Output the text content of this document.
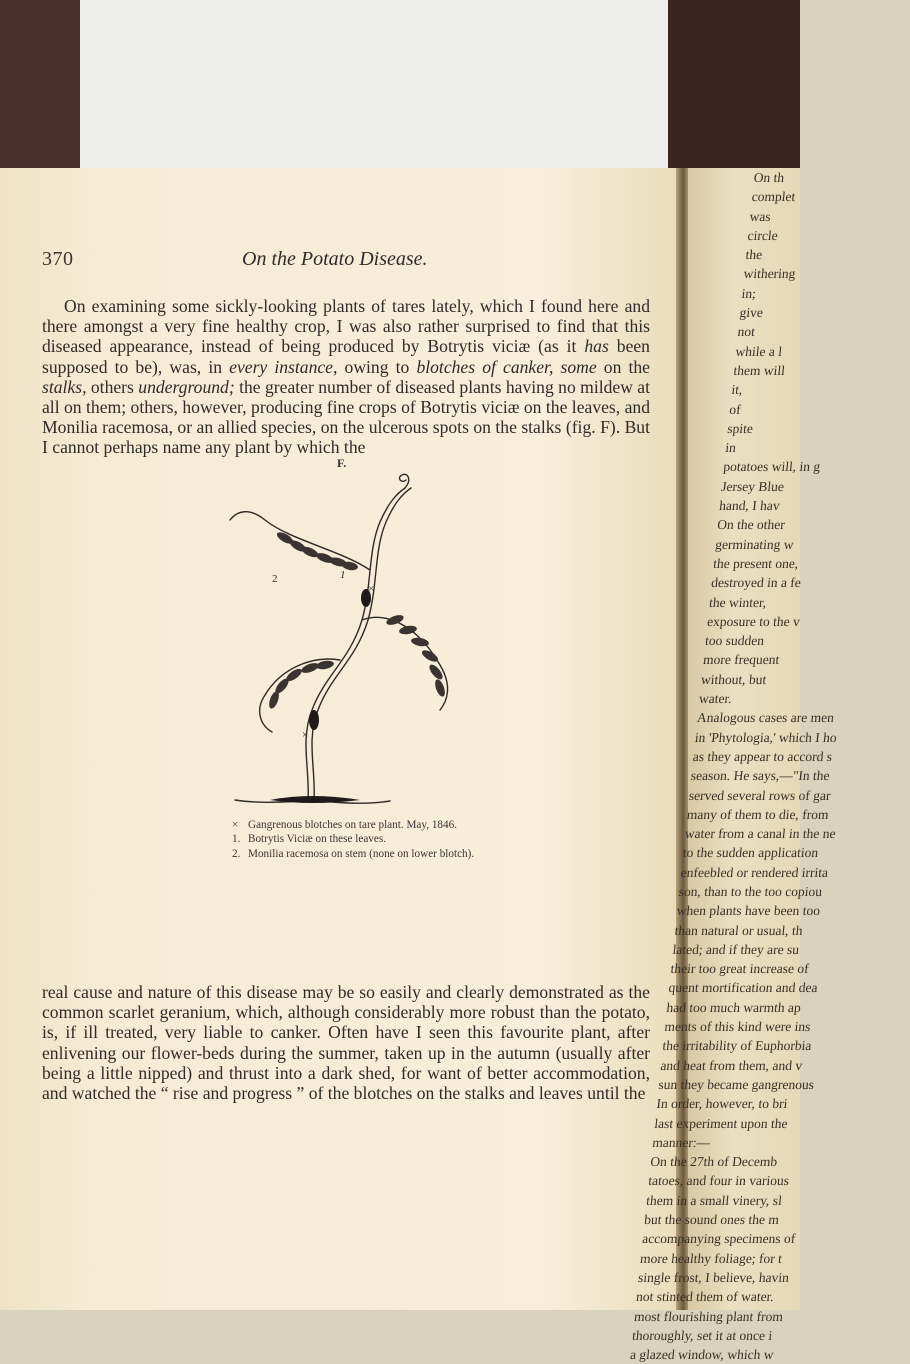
On th
complet
was
circle
the
withering
in;
give
not
while a l
them will
it,
of
spite
in
potatoes will, in g
Jersey Blue
hand, I hav
On the other
germinating w
the present one,
destroyed in a fe
the winter,
exposure to the v
too sudden
more frequent
without, but
water.
Analogous cases are men
in 'Phytologia,' which I ho
as they appear to accord s
season. He says,—"In the
served several rows of gar
many of them to die, from
water from a canal in the ne
to the sudden application
enfeebled or rendered irrita
son, than to the too copiou
when plants have been too
than natural or usual, th
lated; and if they are su
their too great increase of
quent mortification and dea
had too much warmth ap
ments of this kind were ins
the irritability of Euphorbia
and heat from them, and v
sun they became gangrenous
In order, however, to bri
last experiment upon the
manner:—
On the 27th of Decemb
tatoes, and four in various
them in a small vinery, sl
but the sound ones the m
accompanying specimens of
more healthy foliage; for t
single frost, I believe, havin
not stinted them of water.
most flourishing plant from
thoroughly, set it at once i
a glazed window, which w
370	On the Potato Disease.

On examining some sickly-looking plants of tares lately, which I found here and there amongst a very fine healthy crop, I was also rather surprised to find that this diseased appearance, instead of being produced by Botrytis viciæ (as it has been supposed to be), was, in every instance, owing to blotches of canker, some on the stalks, others underground; the greater number of diseased plants having no mildew at all on them; others, however, producing fine crops of Botrytis viciæ on the leaves, and Monilia racemosa, or an allied species, on the ulcerous spots on the stalks (fig. F). But I cannot perhaps name any plant by which the

F.
2	1
×
×
× Gangrenous blotches on tare plant. May, 1846.
1. Botrytis Viciæ on these leaves.
2. Monilia racemosa on stem (none on lower blotch).

real cause and nature of this disease may be so easily and clearly demonstrated as the common scarlet geranium, which, although considerably more robust than the potato, is, if ill treated, very liable to canker. Often have I seen this favourite plant, after enlivening our flower-beds during the summer, taken up in the autumn (usually after being a little nipped) and thrust into a dark shed, for want of better accommodation, and watched the “ rise and progress ” of the blotches on the stalks and leaves until the
